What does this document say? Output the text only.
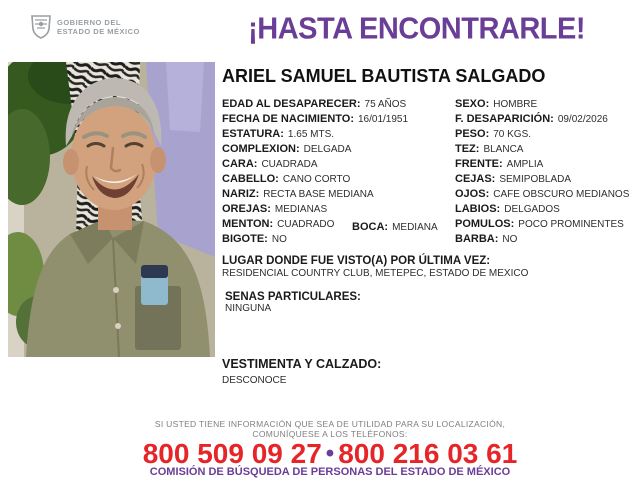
GOBIERNO DEL
ESTADO DE MÉXICO	¡HASTA ENCONTRARLE!
ARIEL SAMUEL BAUTISTA SALGADO
EDAD AL DESAPARECER: 75 AÑOS
FECHA DE NACIMIENTO: 16/01/1951
ESTATURA: 1.65 MTS.
COMPLEXION: DELGADA
CARA: CUADRADA
CABELLO: CANO CORTO
NARIZ: RECTA BASE MEDIANA
OREJAS: MEDIANAS
MENTON: CUADRADO
BIGOTE: NO
BOCA: MEDIANA
SEXO: HOMBRE
F. DESAPARICIÓN: 09/02/2026
PESO: 70 KGS.
TEZ: BLANCA
FRENTE: AMPLIA
CEJAS: SEMIPOBLADA
OJOS: CAFE OBSCURO MEDIANOS
LABIOS: DELGADOS
POMULOS: POCO PROMINENTES
BARBA: NO
LUGAR DONDE FUE VISTO(A) POR ÚLTIMA VEZ:
RESIDENCIAL COUNTRY CLUB, METEPEC, ESTADO DE MEXICO
SENAS PARTICULARES:
NINGUNA
VESTIMENTA Y CALZADO:
DESCONOCE
SI USTED TIENE INFORMACIÓN QUE SEA DE UTILIDAD PARA SU LOCALIZACIÓN,
COMUNÍQUESE A LOS TELÉFONOS:
800 509 09 27 • 800 216 03 61
COMISIÓN DE BÚSQUEDA DE PERSONAS DEL ESTADO DE MÉXICO
